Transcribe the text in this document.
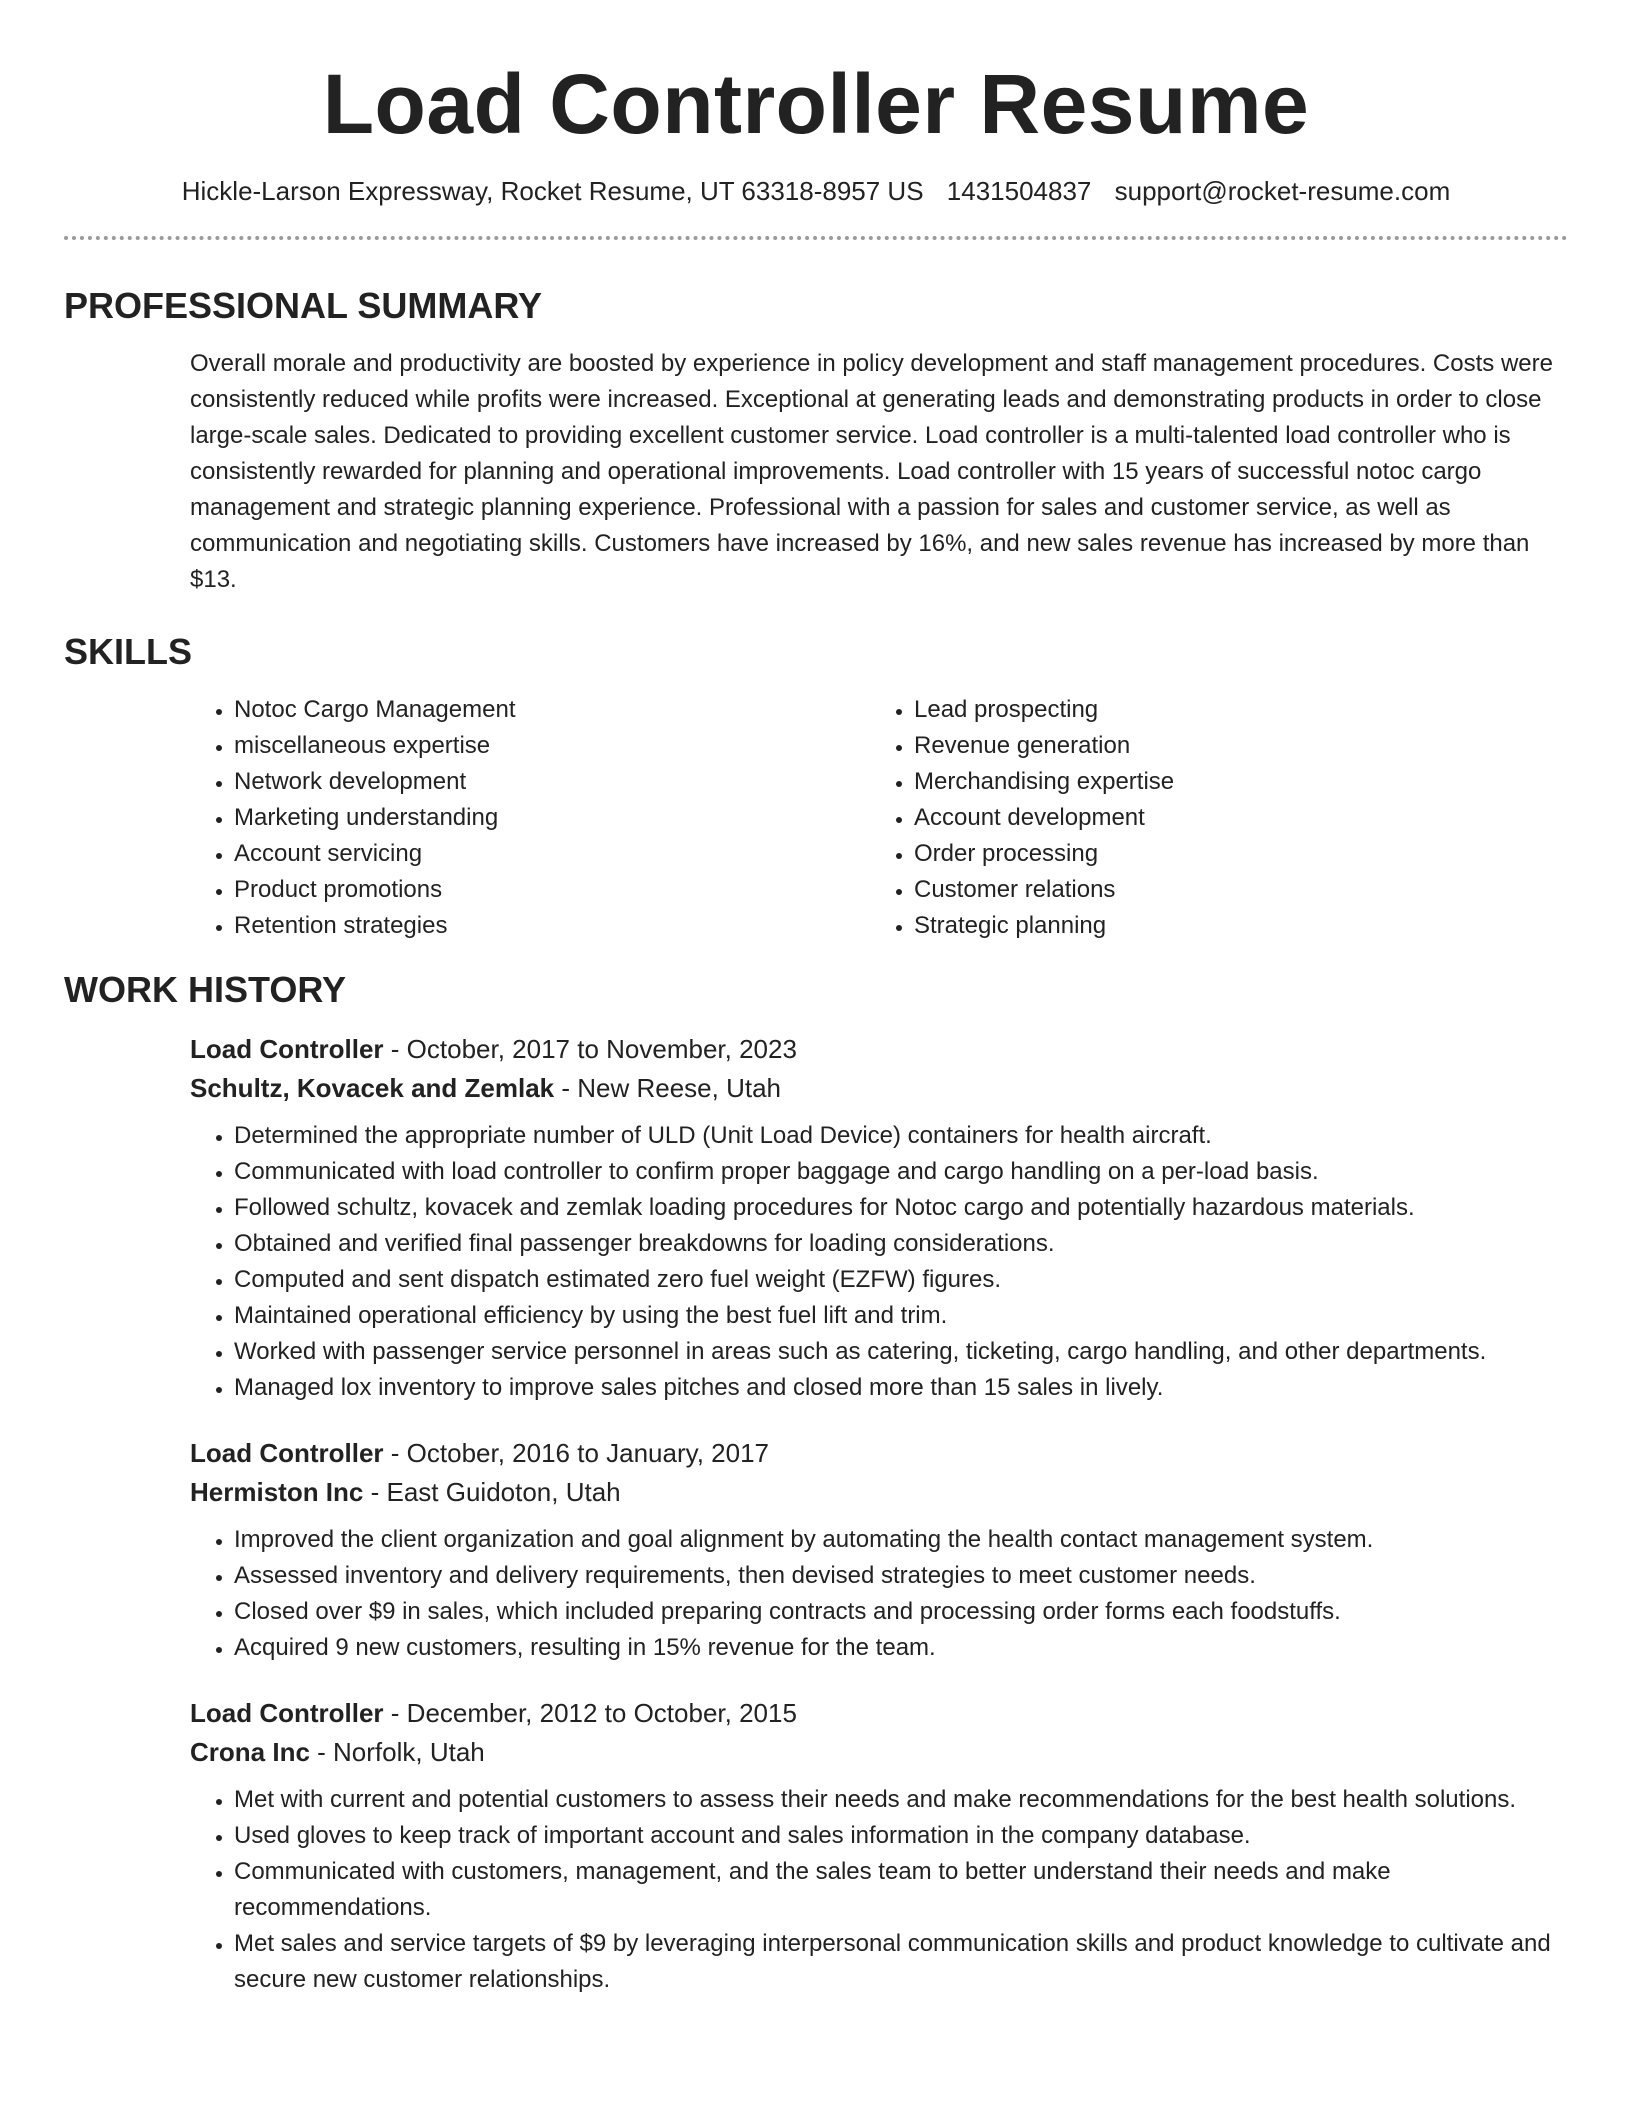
Load Controller Resume
Hickle-Larson Expressway, Rocket Resume, UT 63318-8957 US 1431504837 support@rocket-resume.com
PROFESSIONAL SUMMARY

Overall morale and productivity are boosted by experience in policy development and staff management procedures. Costs were consistently reduced while profits were increased. Exceptional at generating leads and demonstrating products in order to close large-scale sales. Dedicated to providing excellent customer service. Load controller is a multi-talented load controller who is consistently rewarded for planning and operational improvements. Load controller with 15 years of successful notoc cargo management and strategic planning experience. Professional with a passion for sales and customer service, as well as communication and negotiating skills. Customers have increased by 16%, and new sales revenue has increased by more than $13.

SKILLS
• Notoc Cargo Management
• miscellaneous expertise
• Network development
• Marketing understanding
• Account servicing
• Product promotions
• Retention strategies
• Lead prospecting
• Revenue generation
• Merchandising expertise
• Account development
• Order processing
• Customer relations
• Strategic planning
WORK HISTORY
Load Controller - October, 2017 to November, 2023
Schultz, Kovacek and Zemlak - New Reese, Utah
• Determined the appropriate number of ULD (Unit Load Device) containers for health aircraft.
• Communicated with load controller to confirm proper baggage and cargo handling on a per-load basis.
• Followed schultz, kovacek and zemlak loading procedures for Notoc cargo and potentially hazardous materials.
• Obtained and verified final passenger breakdowns for loading considerations.
• Computed and sent dispatch estimated zero fuel weight (EZFW) figures.
• Maintained operational efficiency by using the best fuel lift and trim.
• Worked with passenger service personnel in areas such as catering, ticketing, cargo handling, and other departments.
• Managed lox inventory to improve sales pitches and closed more than 15 sales in lively.
Load Controller - October, 2016 to January, 2017
Hermiston Inc - East Guidoton, Utah
• Improved the client organization and goal alignment by automating the health contact management system.
• Assessed inventory and delivery requirements, then devised strategies to meet customer needs.
• Closed over $9 in sales, which included preparing contracts and processing order forms each foodstuffs.
• Acquired 9 new customers, resulting in 15% revenue for the team.
Load Controller - December, 2012 to October, 2015
Crona Inc - Norfolk, Utah
• Met with current and potential customers to assess their needs and make recommendations for the best health solutions.
• Used gloves to keep track of important account and sales information in the company database.
• Communicated with customers, management, and the sales team to better understand their needs and make recommendations.
• Met sales and service targets of $9 by leveraging interpersonal communication skills and product knowledge to cultivate and secure new customer relationships.
